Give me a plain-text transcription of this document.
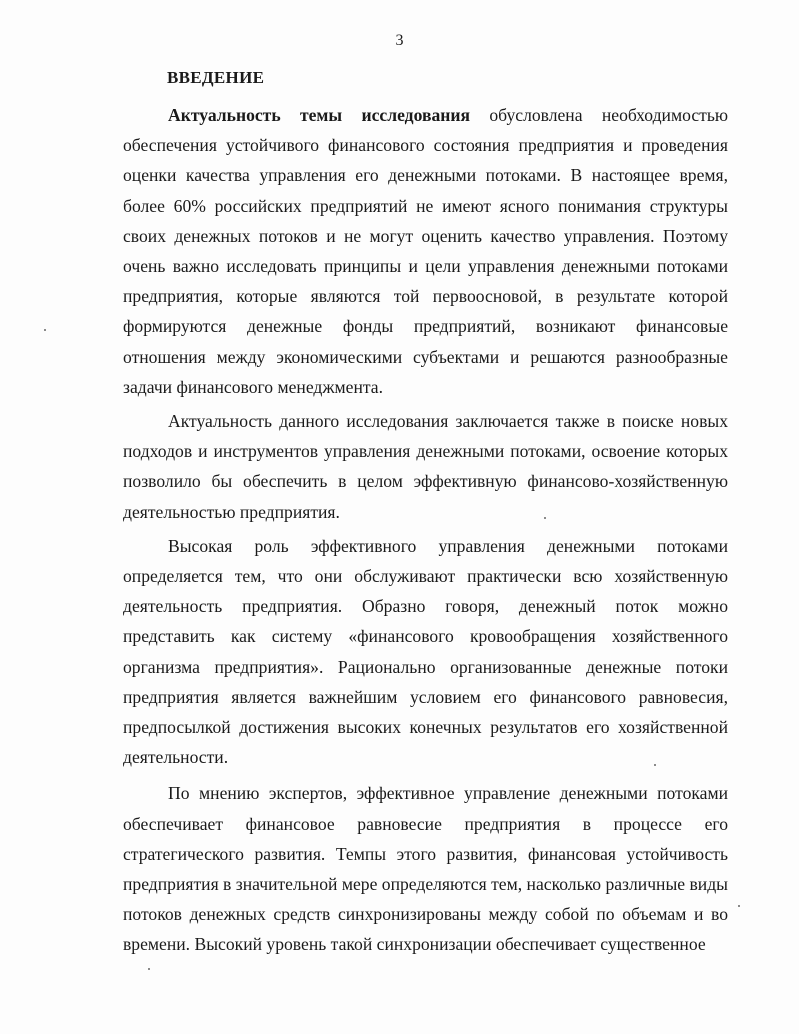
3
ВВЕДЕНИЕ

Актуальность темы исследования обусловлена необходимостью обеспечения устойчивого финансового состояния предприятия и проведения оценки качества управления его денежными потоками. В настоящее время, более 60% российских предприятий не имеют ясного понимания структуры своих денежных потоков и не могут оценить качество управления. Поэтому очень важно исследовать принципы и цели управления денежными потоками предприятия, которые являются той первоосновой, в результате которой формируются денежные фонды предприятий, возникают финансовые отношения между экономическими субъектами и решаются разнообразные задачи финансового менеджмента.

Актуальность данного исследования заключается также в поиске новых подходов и инструментов управления денежными потоками, освоение которых позволило бы обеспечить в целом эффективную финансово-хозяйственную деятельностью предприятия.

Высокая роль эффективного управления денежными потоками определяется тем, что они обслуживают практически всю хозяйственную деятельность предприятия. Образно говоря, денежный поток можно представить как систему «финансового кровообращения хозяйственного организма предприятия». Рационально организованные денежные потоки предприятия является важнейшим условием его финансового равновесия, предпосылкой достижения высоких конечных результатов его хозяйственной деятельности.

По мнению экспертов, эффективное управление денежными потоками обеспечивает финансовое равновесие предприятия в процессе его стратегического развития. Темпы этого развития, финансовая устойчивость предприятия в значительной мере определяются тем, насколько различные виды потоков денежных средств синхронизированы между собой по объемам и во времени. Высокий уровень такой синхронизации обеспечивает существенное
